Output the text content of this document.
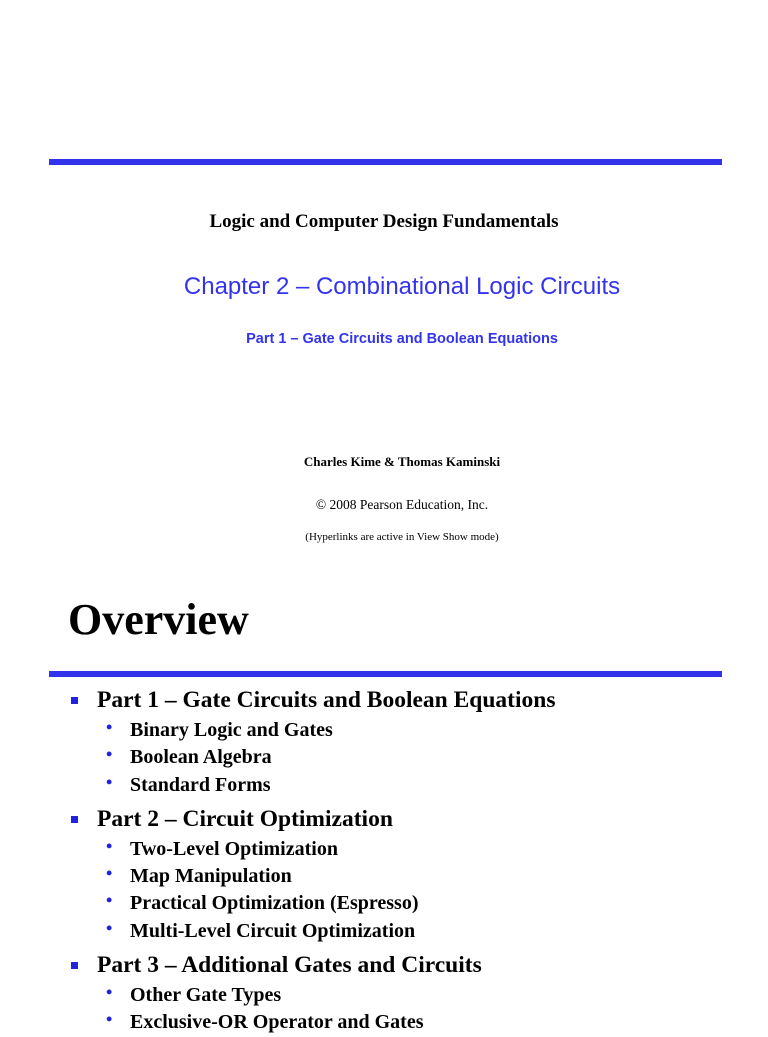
Logic and Computer Design Fundamentals
Chapter 2 – Combinational Logic Circuits
Part 1 – Gate Circuits and Boolean Equations
Charles Kime & Thomas Kaminski
© 2008 Pearson Education, Inc.
(Hyperlinks are active in View Show mode)
Overview
Part 1 – Gate Circuits and Boolean Equations
• Binary Logic and Gates
• Boolean Algebra
• Standard Forms
Part 2 – Circuit Optimization
• Two-Level Optimization
• Map Manipulation
• Practical Optimization (Espresso)
• Multi-Level Circuit Optimization
Part 3 – Additional Gates and Circuits
• Other Gate Types
• Exclusive-OR Operator and Gates
